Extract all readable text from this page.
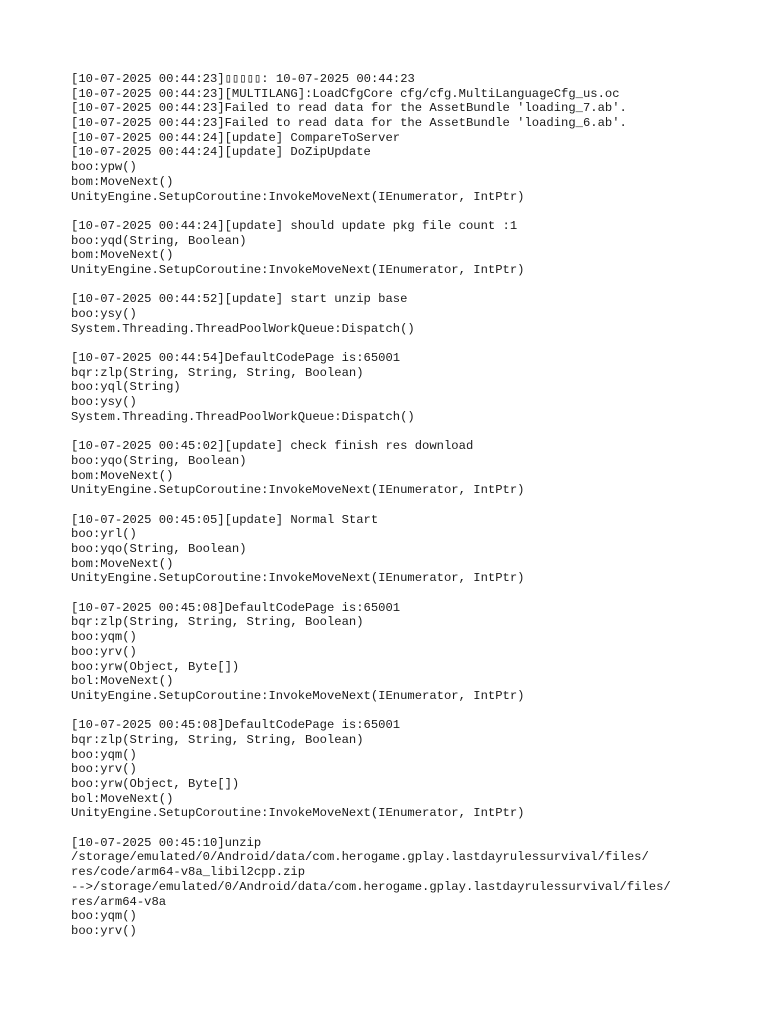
[10-07-2025 00:44:23]▯▯▯▯▯: 10-07-2025 00:44:23
[10-07-2025 00:44:23][MULTILANG]:LoadCfgCore cfg/cfg.MultiLanguageCfg_us.oc
[10-07-2025 00:44:23]Failed to read data for the AssetBundle 'loading_7.ab'.
[10-07-2025 00:44:23]Failed to read data for the AssetBundle 'loading_6.ab'.
[10-07-2025 00:44:24][update] CompareToServer
[10-07-2025 00:44:24][update] DoZipUpdate
boo:ypw()
bom:MoveNext()
UnityEngine.SetupCoroutine:InvokeMoveNext(IEnumerator, IntPtr)
[10-07-2025 00:44:24][update] should update pkg file count :1
boo:yqd(String, Boolean)
bom:MoveNext()
UnityEngine.SetupCoroutine:InvokeMoveNext(IEnumerator, IntPtr)
[10-07-2025 00:44:52][update] start unzip base
boo:ysy()
System.Threading.ThreadPoolWorkQueue:Dispatch()
[10-07-2025 00:44:54]DefaultCodePage is:65001
bqr:zlp(String, String, String, Boolean)
boo:yql(String)
boo:ysy()
System.Threading.ThreadPoolWorkQueue:Dispatch()
[10-07-2025 00:45:02][update] check finish res download
boo:yqo(String, Boolean)
bom:MoveNext()
UnityEngine.SetupCoroutine:InvokeMoveNext(IEnumerator, IntPtr)
[10-07-2025 00:45:05][update] Normal Start
boo:yrl()
boo:yqo(String, Boolean)
bom:MoveNext()
UnityEngine.SetupCoroutine:InvokeMoveNext(IEnumerator, IntPtr)
[10-07-2025 00:45:08]DefaultCodePage is:65001
bqr:zlp(String, String, String, Boolean)
boo:yqm()
boo:yrv()
boo:yrw(Object, Byte[])
bol:MoveNext()
UnityEngine.SetupCoroutine:InvokeMoveNext(IEnumerator, IntPtr)
[10-07-2025 00:45:08]DefaultCodePage is:65001
bqr:zlp(String, String, String, Boolean)
boo:yqm()
boo:yrv()
boo:yrw(Object, Byte[])
bol:MoveNext()
UnityEngine.SetupCoroutine:InvokeMoveNext(IEnumerator, IntPtr)
[10-07-2025 00:45:10]unzip
/storage/emulated/0/Android/data/com.herogame.gplay.lastdayrulessurvival/files/
res/code/arm64-v8a_libil2cpp.zip
-->/storage/emulated/0/Android/data/com.herogame.gplay.lastdayrulessurvival/files/
res/arm64-v8a
boo:yqm()
boo:yrv()
